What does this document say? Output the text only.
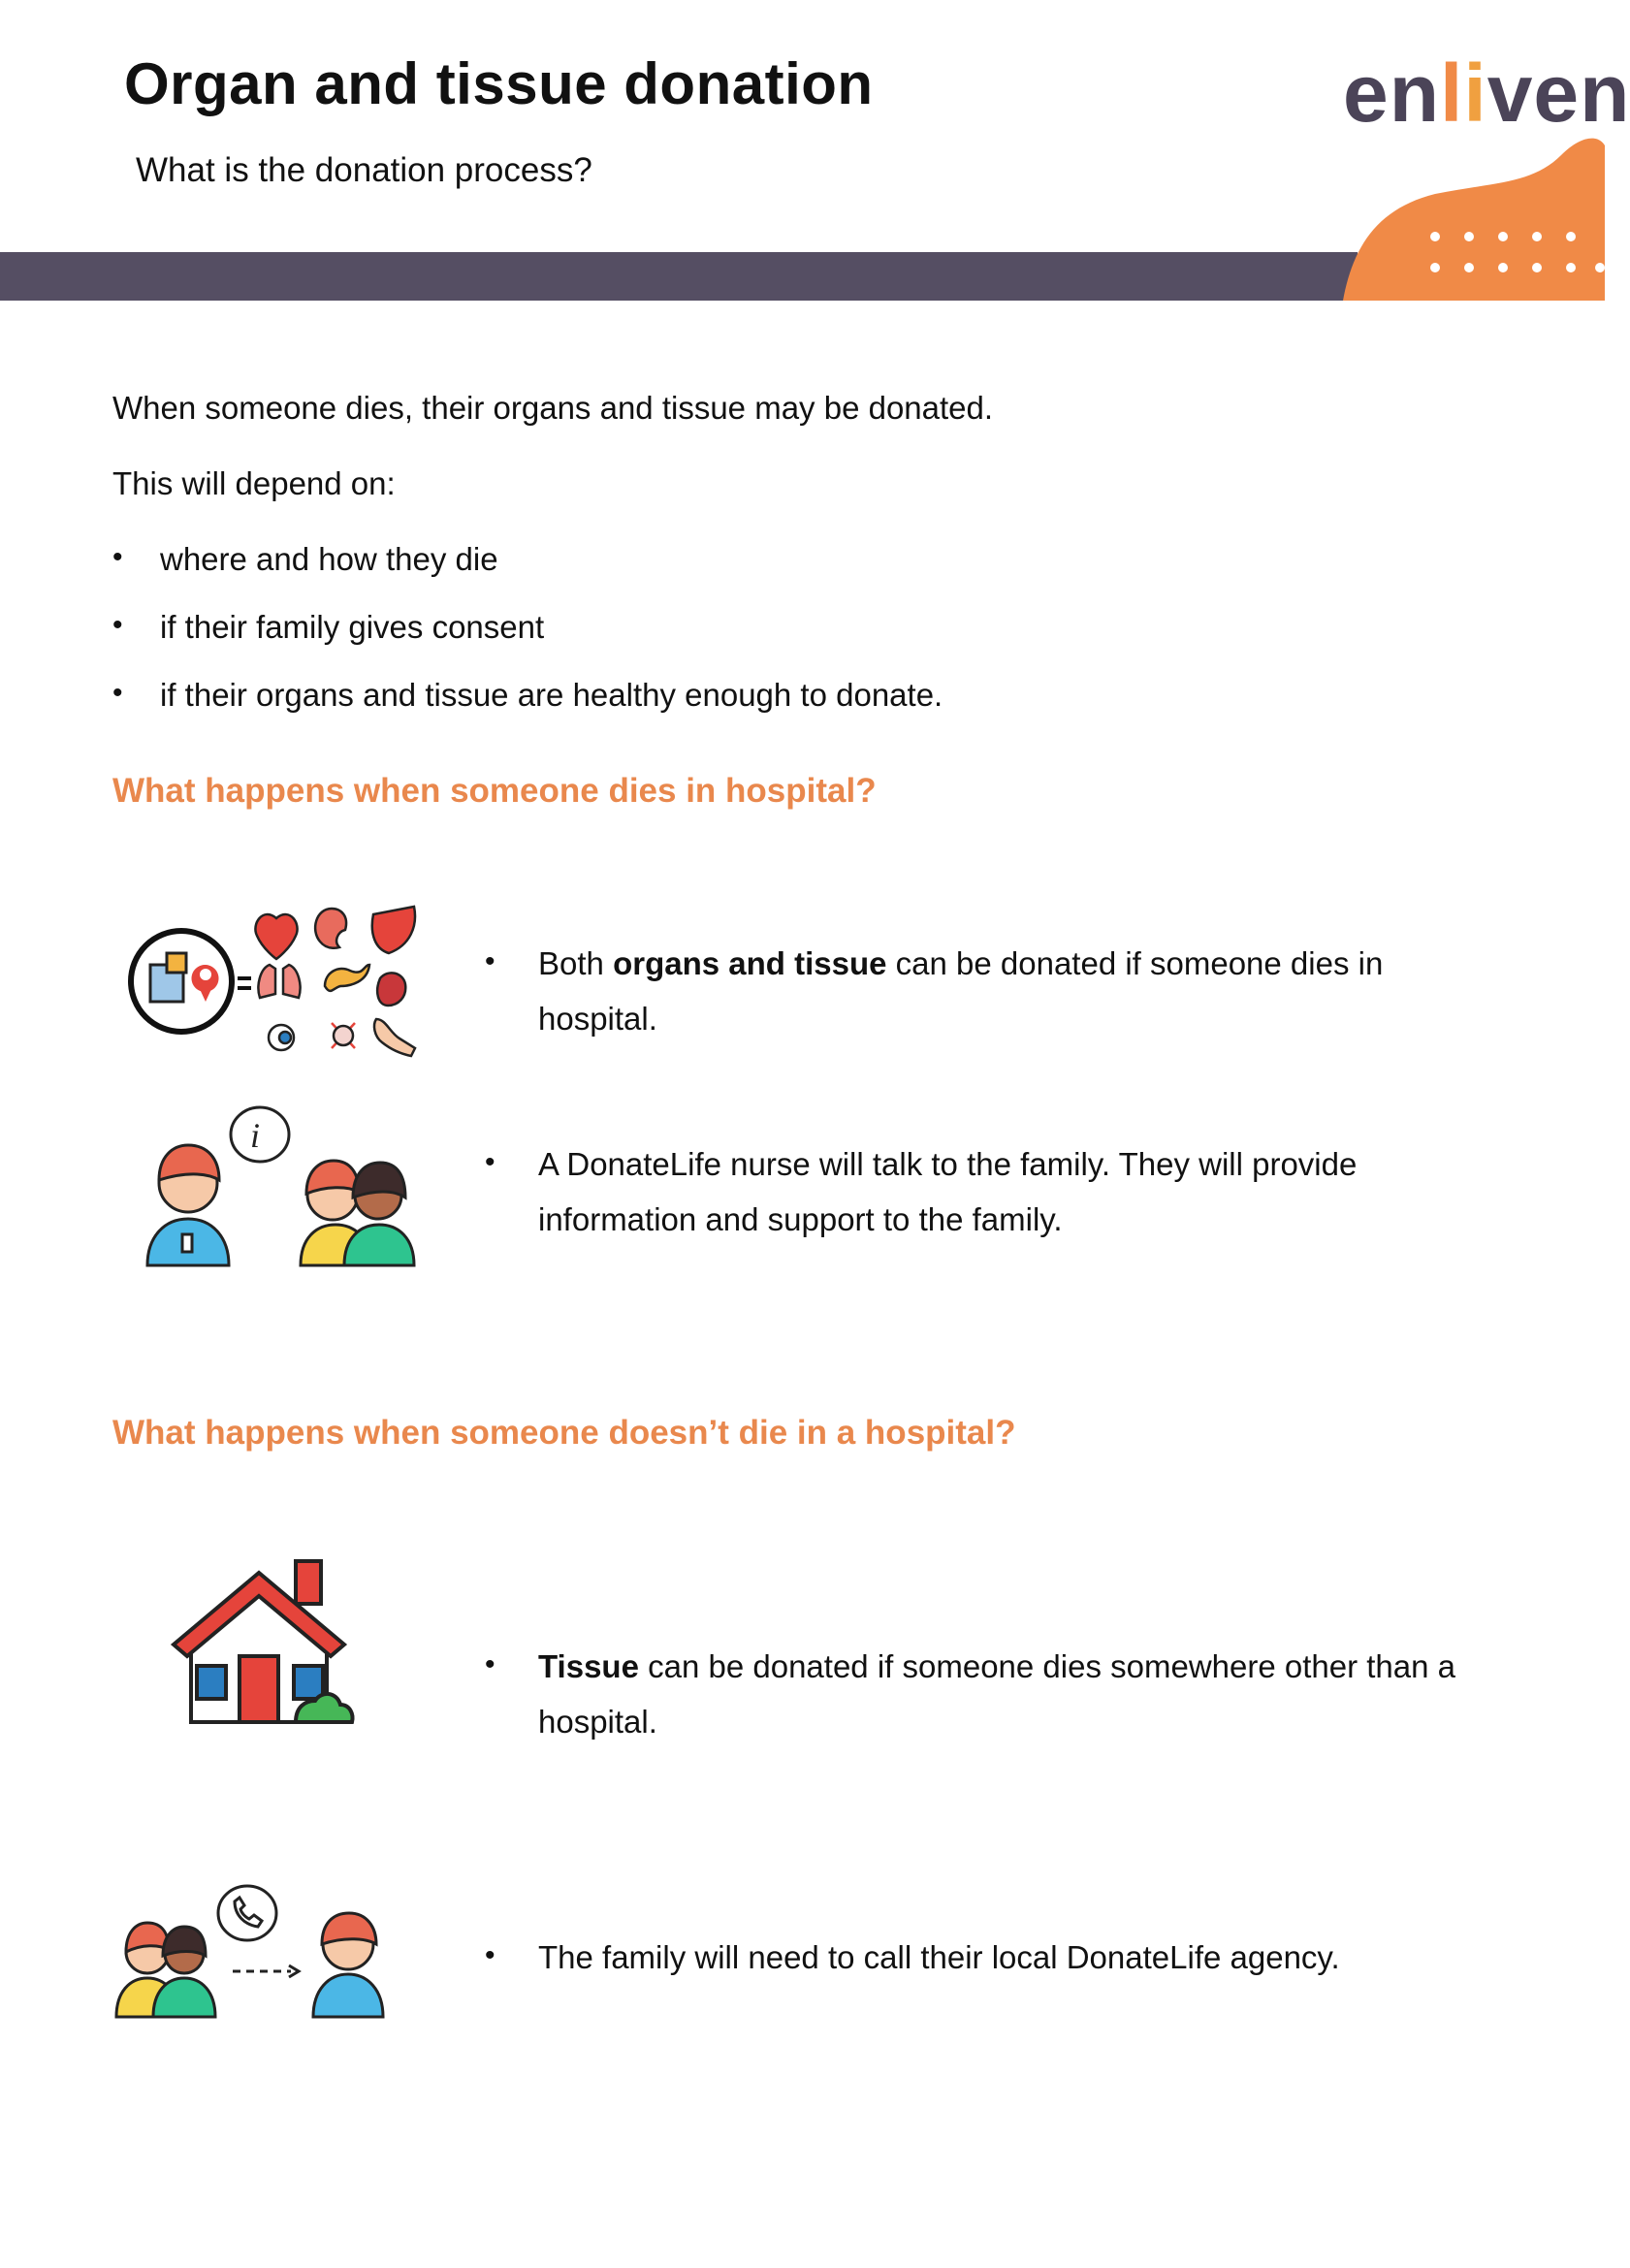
Organ and tissue donation
What is the donation process?
enliven
When someone dies, their organs and tissue may be donated.
This will depend on:
• where and how they die
• if their family gives consent
• if their organs and tissue are healthy enough to donate.
What happens when someone dies in hospital?
• Both organs and tissue can be donated if someone dies in
hospital.
i
• A DonateLife nurse will talk to the family. They will provide
information and support to the family.
What happens when someone doesn’t die in a hospital?
• Tissue can be donated if someone dies somewhere other than a
hospital.
• The family will need to call their local DonateLife agency.
